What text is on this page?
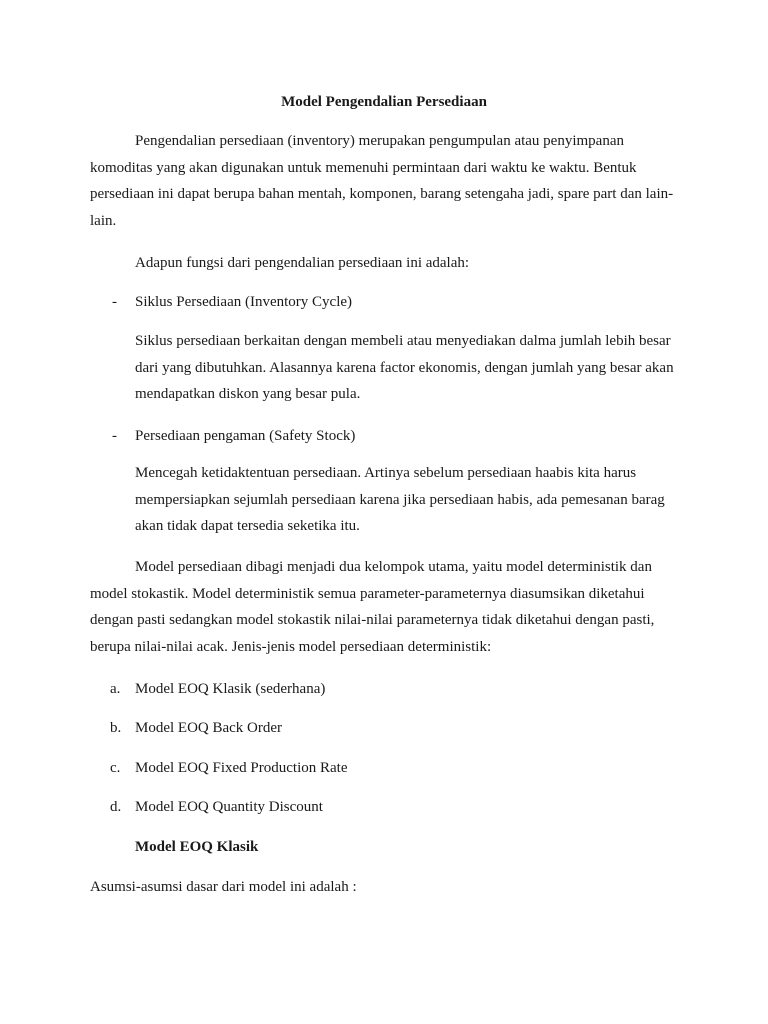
Model Pengendalian Persediaan

Pengendalian persediaan (inventory) merupakan pengumpulan atau penyimpanan komoditas yang akan digunakan untuk memenuhi permintaan dari waktu ke waktu. Bentuk persediaan ini dapat berupa bahan mentah, komponen, barang setengaha jadi, spare part dan lain-lain.

Adapun fungsi dari pengendalian persediaan ini adalah:
- Siklus Persediaan (Inventory Cycle)

Siklus persediaan berkaitan dengan membeli atau menyediakan dalma jumlah lebih besar dari yang dibutuhkan. Alasannya karena factor ekonomis, dengan jumlah yang besar akan mendapatkan diskon yang besar pula.

- Persediaan pengaman (Safety Stock)

Mencegah ketidaktentuan persediaan. Artinya sebelum persediaan haabis kita harus mempersiapkan sejumlah persediaan karena jika persediaan habis, ada pemesanan barag akan tidak dapat tersedia seketika itu.

Model persediaan dibagi menjadi dua kelompok utama, yaitu model deterministik dan model stokastik. Model deterministik semua parameter-parameternya diasumsikan diketahui dengan pasti sedangkan model stokastik nilai-nilai parameternya tidak diketahui dengan pasti, berupa nilai-nilai acak. Jenis-jenis model persediaan deterministik:

a. Model EOQ Klasik (sederhana)
b. Model EOQ Back Order
c. Model EOQ Fixed Production Rate
d. Model EOQ Quantity Discount
Model EOQ Klasik
Asumsi-asumsi dasar dari model ini adalah :
